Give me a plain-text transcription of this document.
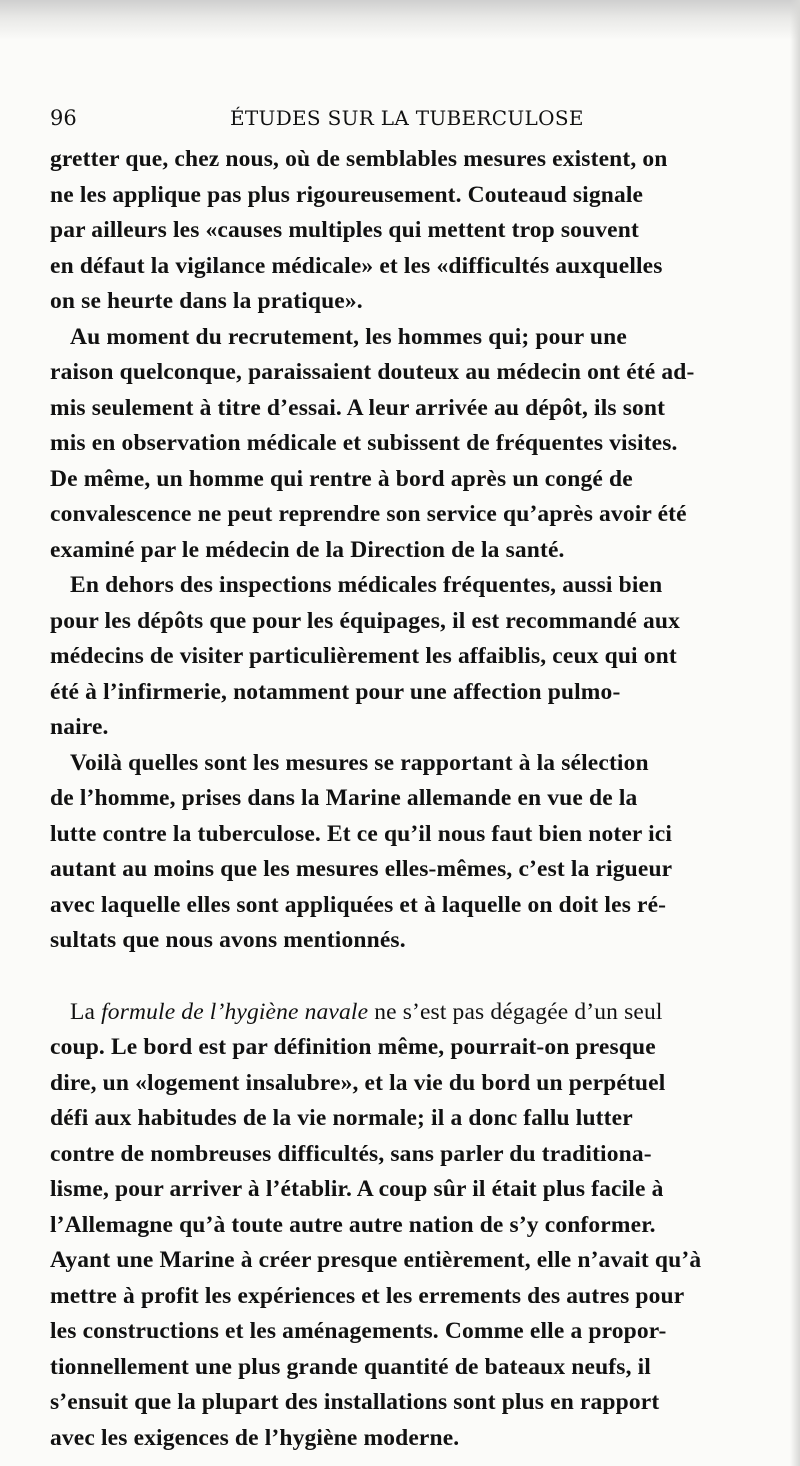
96	ÉTUDES SUR LA TUBERCULOSE
gretter que, chez nous, où de semblables mesures existent, on
ne les applique pas plus rigoureusement. Couteaud signale
par ailleurs les «causes multiples qui mettent trop souvent
en défaut la vigilance médicale» et les «difficultés auxquelles
on se heurte dans la pratique».
Au moment du recrutement, les hommes qui; pour une
raison quelconque, paraissaient douteux au médecin ont été ad-
mis seulement à titre d’essai. A leur arrivée au dépôt, ils sont
mis en observation médicale et subissent de fréquentes visites.
De même, un homme qui rentre à bord après un congé de
convalescence ne peut reprendre son service qu’après avoir été
examiné par le médecin de la Direction de la santé.
En dehors des inspections médicales fréquentes, aussi bien
pour les dépôts que pour les équipages, il est recommandé aux
médecins de visiter particulièrement les affaiblis, ceux qui ont
été à l’infirmerie, notamment pour une affection pulmo-
naire.
Voilà quelles sont les mesures se rapportant à la sélection
de l’homme, prises dans la Marine allemande en vue de la
lutte contre la tuberculose. Et ce qu’il nous faut bien noter ici
autant au moins que les mesures elles-mêmes, c’est la rigueur
avec laquelle elles sont appliquées et à laquelle on doit les ré-
sultats que nous avons mentionnés.
La formule de l’hygiène navale ne s’est pas dégagée d’un seul
coup. Le bord est par définition même, pourrait-on presque
dire, un «logement insalubre», et la vie du bord un perpétuel
défi aux habitudes de la vie normale; il a donc fallu lutter
contre de nombreuses difficultés, sans parler du traditiona-
lisme, pour arriver à l’établir. A coup sûr il était plus facile à
l’Allemagne qu’à toute autre autre nation de s’y conformer.
Ayant une Marine à créer presque entièrement, elle n’avait qu’à
mettre à profit les expériences et les errements des autres pour
les constructions et les aménagements. Comme elle a propor-
tionnellement une plus grande quantité de bateaux neufs, il
s’ensuit que la plupart des installations sont plus en rapport
avec les exigences de l’hygiène moderne.
